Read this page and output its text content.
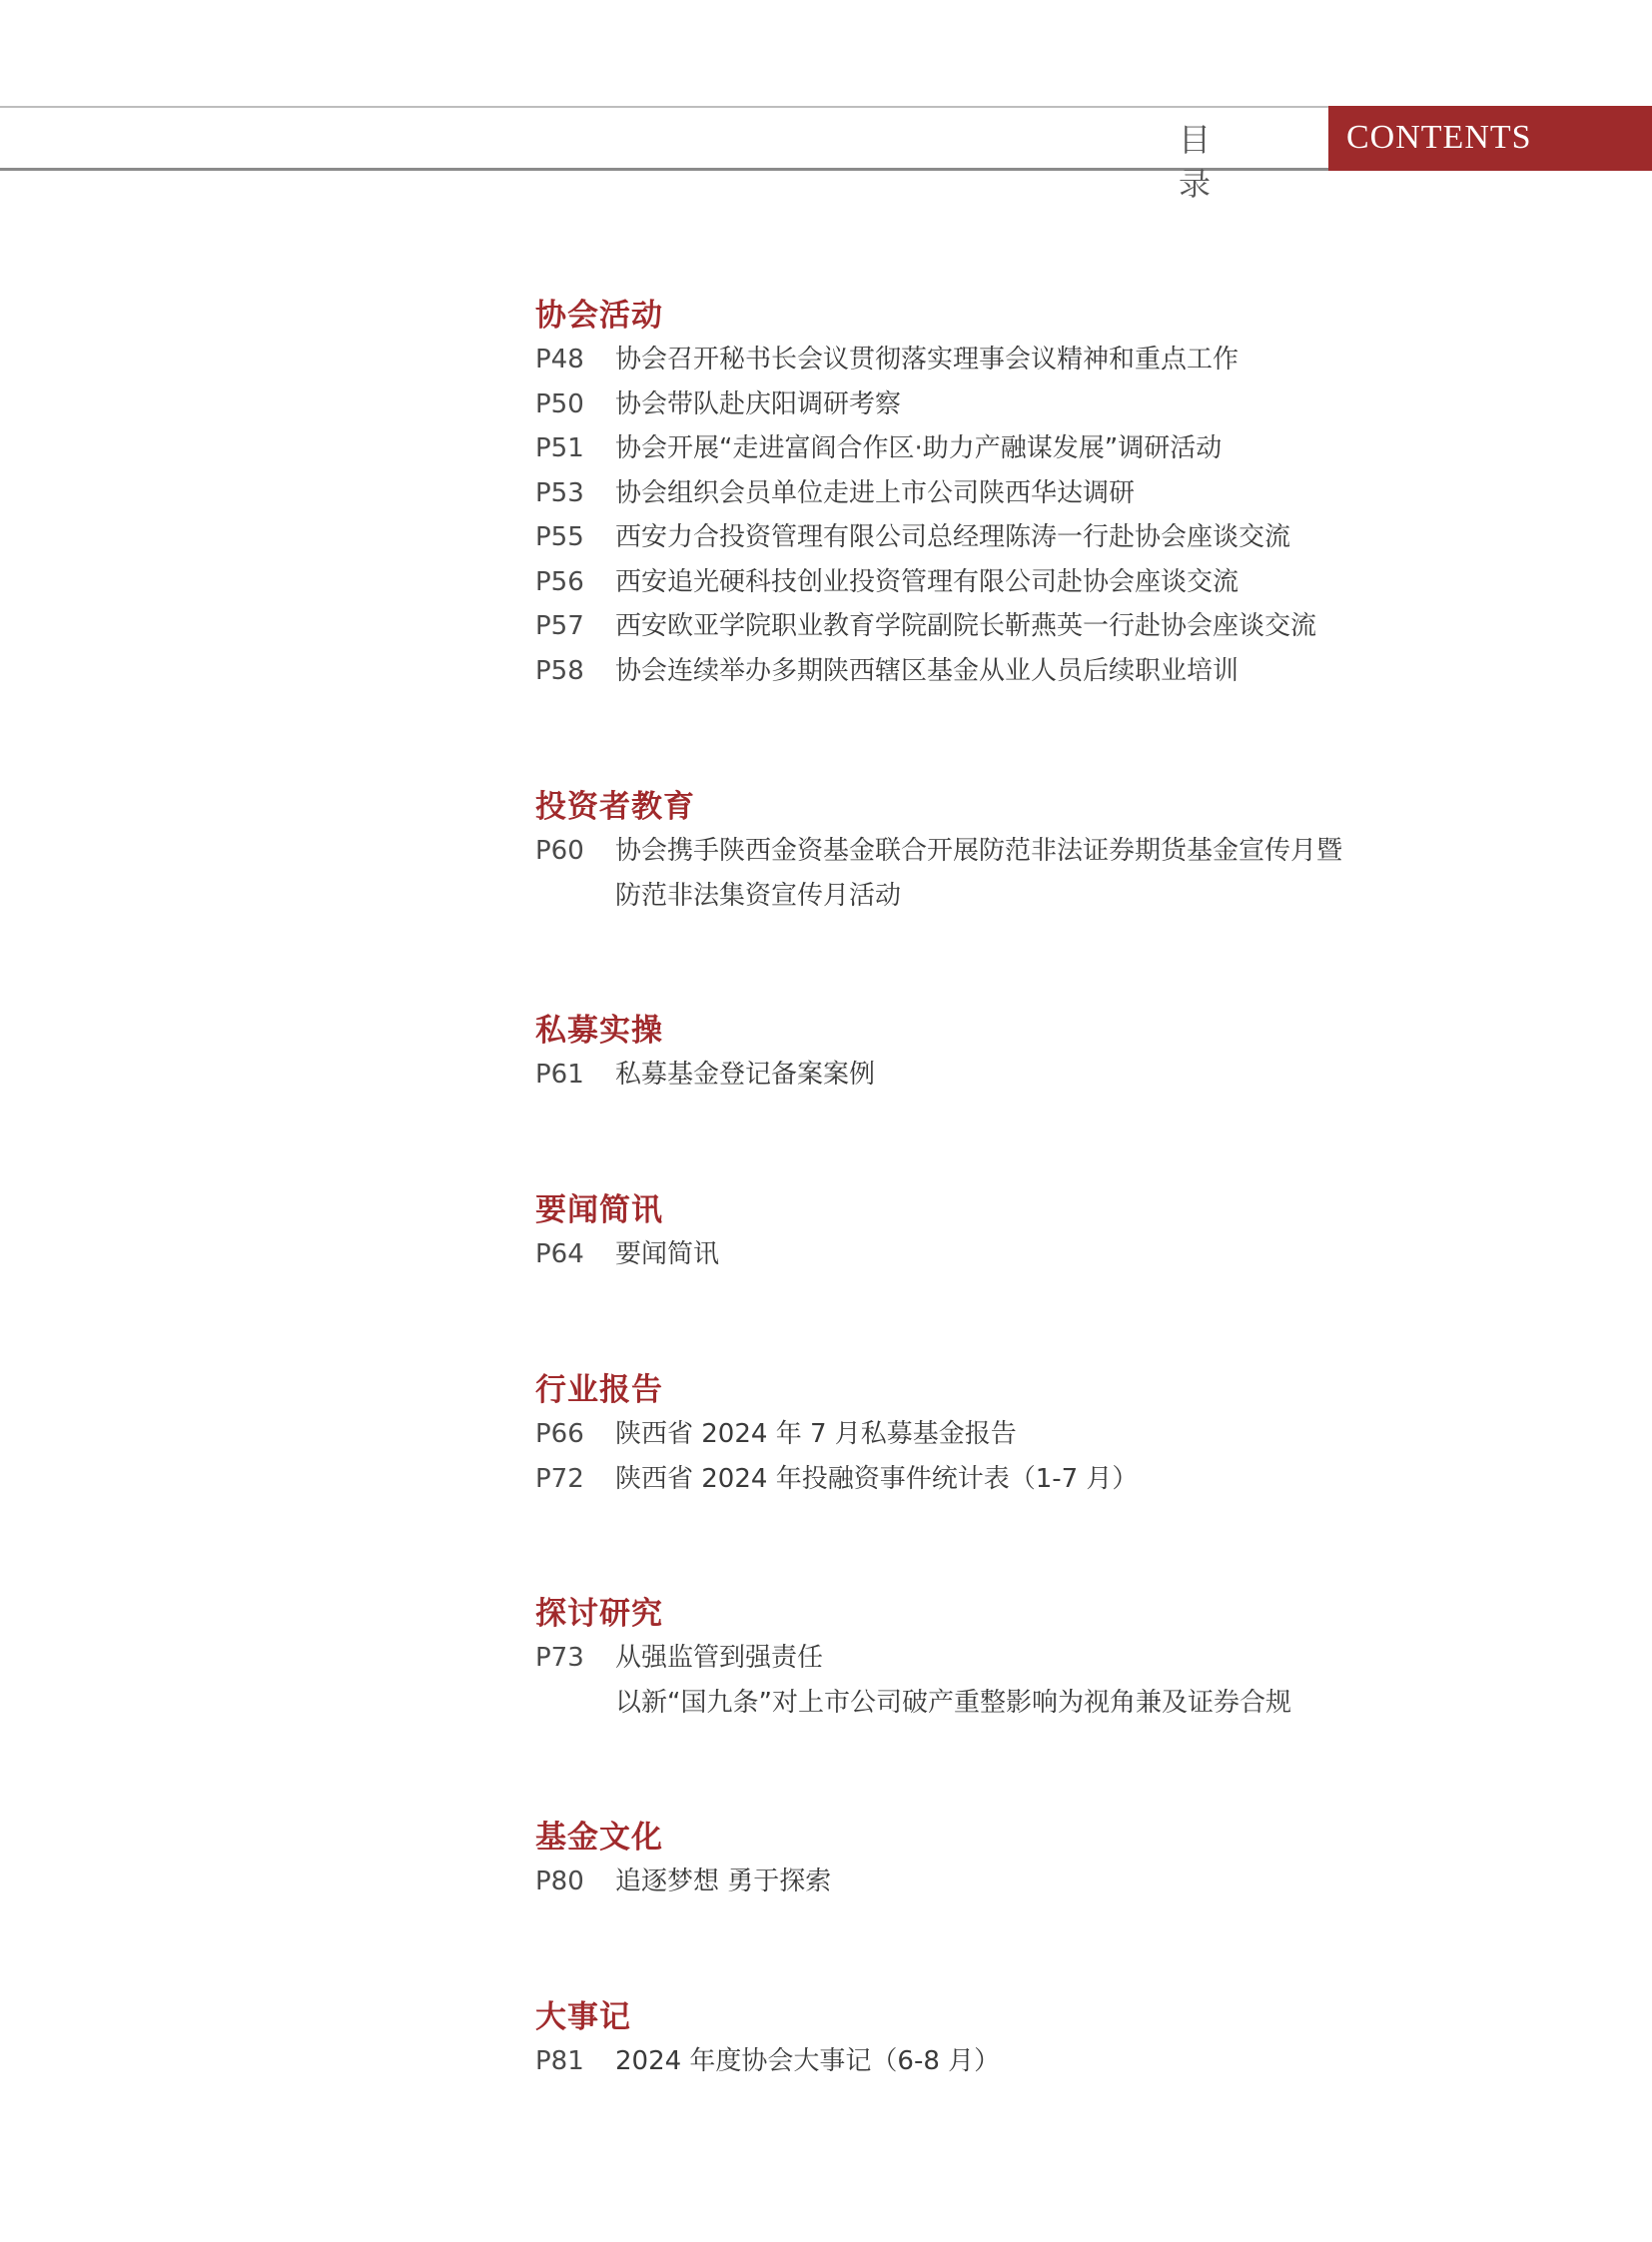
目 录
CONTENTS
协会活动
P48	协会召开秘书长会议贯彻落实理事会议精神和重点工作
P50	协会带队赴庆阳调研考察
P51	协会开展“走进富阎合作区·助力产融谋发展”调研活动
P53	协会组织会员单位走进上市公司陕西华达调研
P55	西安力合投资管理有限公司总经理陈涛一行赴协会座谈交流
P56	西安追光硬科技创业投资管理有限公司赴协会座谈交流
P57	西安欧亚学院职业教育学院副院长靳燕英一行赴协会座谈交流
P58	协会连续举办多期陕西辖区基金从业人员后续职业培训
投资者教育
P60	协会携手陕西金资基金联合开展防范非法证券期货基金宣传月暨
防范非法集资宣传月活动
私募实操
P61	私募基金登记备案案例
要闻简讯
P64	要闻简讯
行业报告
P66	陕西省 2024 年 7 月私募基金报告
P72	陕西省 2024 年投融资事件统计表（1-7 月）
探讨研究
P73	从强监管到强责任
以新“国九条”对上市公司破产重整影响为视角兼及证券合规
基金文化
P80	追逐梦想 勇于探索
大事记
P81	2024 年度协会大事记（6-8 月）
